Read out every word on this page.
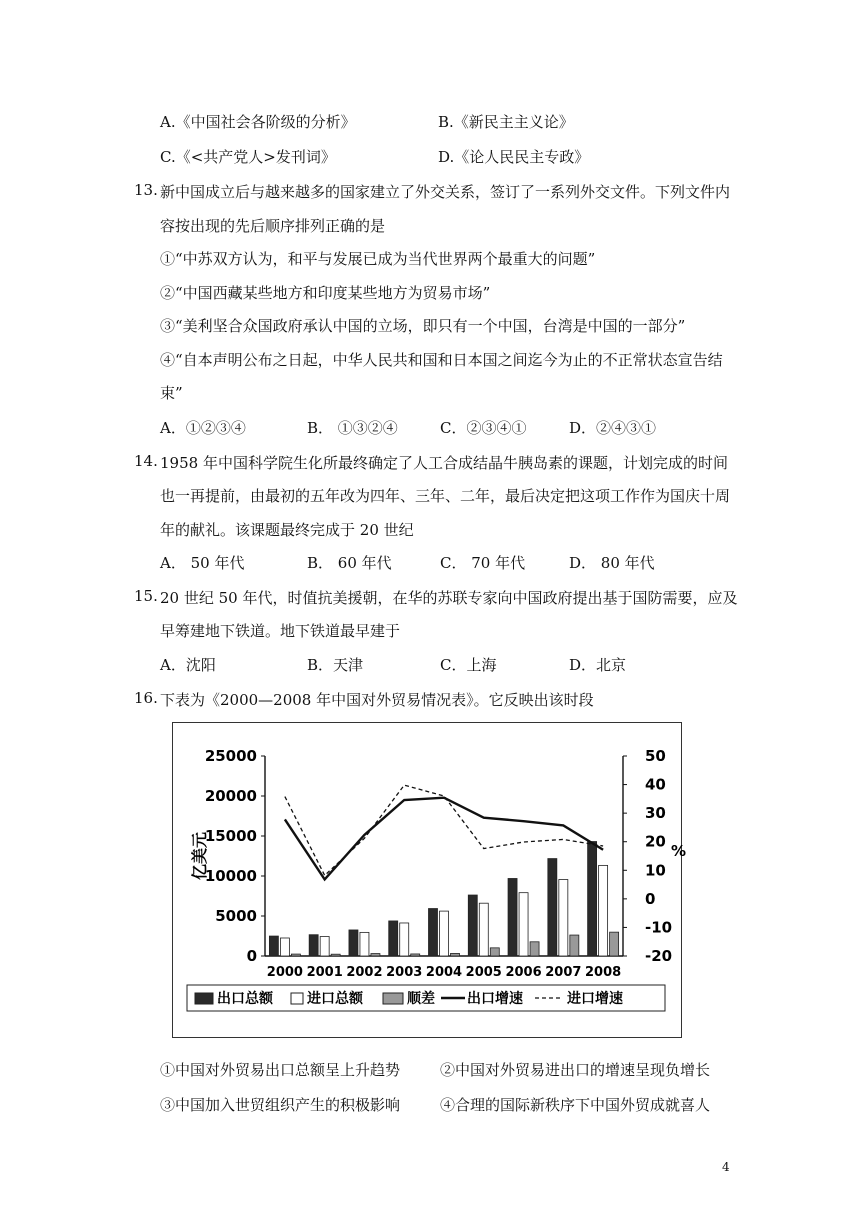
A.《中国社会各阶级的分析》	B.《新民主主义论》
C.《<共产党人>发刊词》	D.《论人民民主专政》
13. 新中国成立后与越来越多的国家建立了外交关系，签订了一系列外交文件。下列文件内
容按出现的先后顺序排列正确的是
①“中苏双方认为，和平与发展已成为当代世界两个最重大的问题”
②“中国西藏某些地方和印度某些地方为贸易市场”
③“美利坚合众国政府承认中国的立场，即只有一个中国，台湾是中国的一部分”
④“自本声明公布之日起，中华人民共和国和日本国之间迄今为止的不正常状态宣告结
束”
A．①②③④	B． ①③②④	C．②③④①	D．②④③①
14. 1958 年中国科学院生化所最终确定了人工合成结晶牛胰岛素的课题，计划完成的时间
也一再提前，由最初的五年改为四年、三年、二年，最后决定把这项工作作为国庆十周
年的献礼。该课题最终完成于 20 世纪
A． 50 年代	B． 60 年代	C． 70 年代	D． 80 年代
15. 20 世纪 50 年代，时值抗美援朝，在华的苏联专家向中国政府提出基于国防需要，应及
早筹建地下铁道。地下铁道最早建于
A．沈阳	B．天津	C．上海	D．北京
16. 下表为《2000—2008 年中国对外贸易情况表》。它反映出该时段
0
5000
10000
15000
20000
25000
-20
-10
0
10
20
30
40
50
亿美元	%
2000 2001 2002 2003 2004 2005 2006 2007 2008
出口总额 进口总额	顺差 出口增速	进口增速
①中国对外贸易出口总额呈上升趋势	②中国对外贸易进出口的增速呈现负增长
③中国加入世贸组织产生的积极影响	④合理的国际新秩序下中国外贸成就喜人
4
